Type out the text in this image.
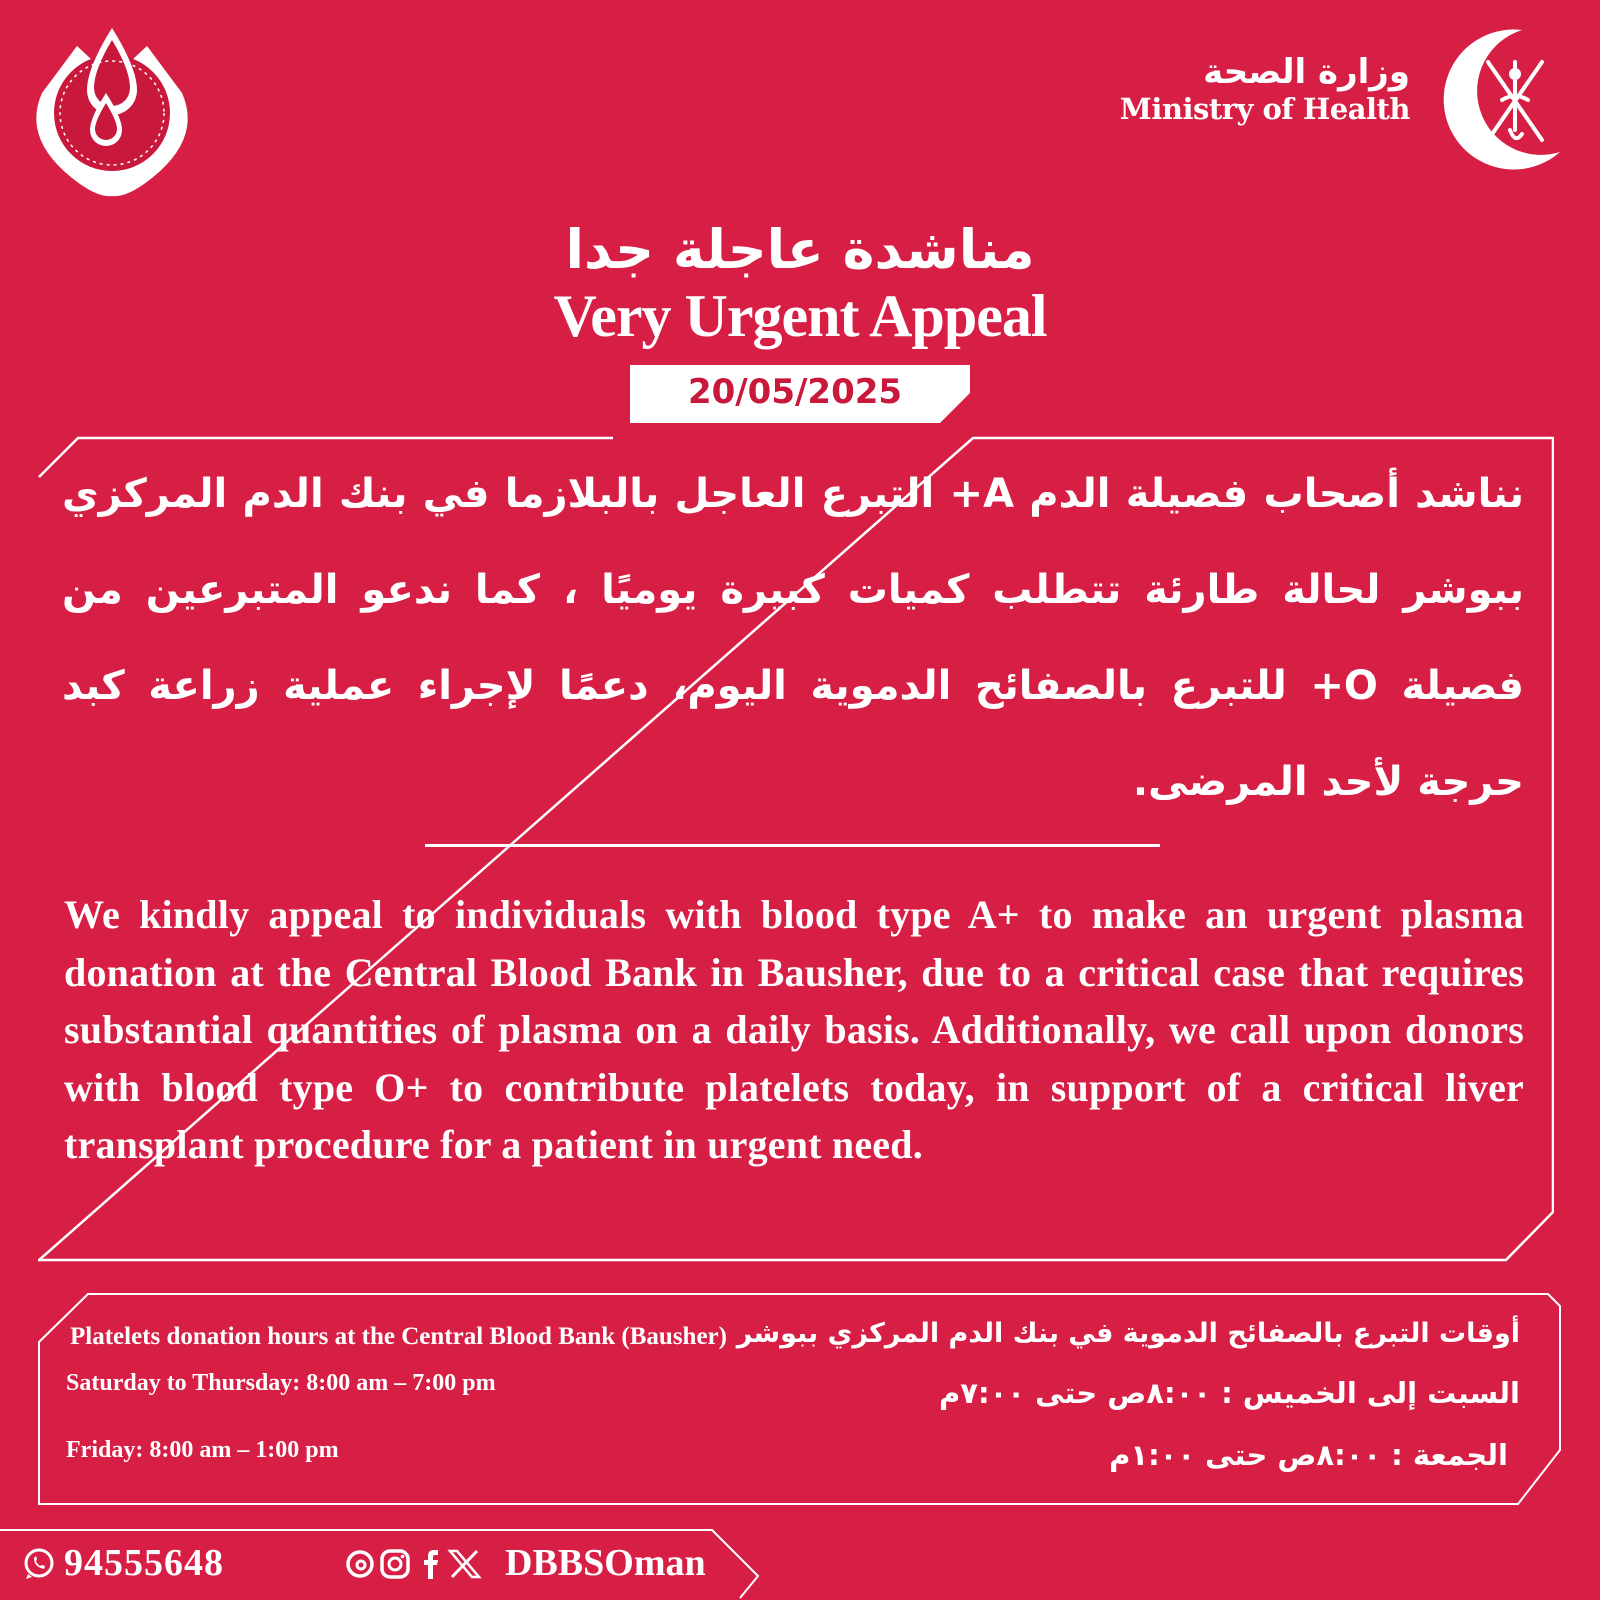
وزارة الصحة
Ministry of Health
مناشدة عاجلة جدا
Very Urgent Appeal
20/05/2025
نناشد أصحاب فصيلة الدم A+ التبرع العاجل بالبلازما في بنك الدم المركزي ببوشر لحالة طارئة تتطلب كميات كبيرة يوميًا ، كما ندعو المتبرعين من فصيلة O+ للتبرع بالصفائح الدموية اليوم، دعمًا لإجراء عملية زراعة كبد حرجة لأحد المرضى.
We kindly appeal to individuals with blood type A+ to make an urgent plasma donation at the Central Blood Bank in Bausher, due to a critical case that requires substantial quantities of plasma on a daily basis. Additionally, we call upon donors with blood type O+ to contribute platelets today, in support of a critical liver transplant procedure for a patient in urgent need.
Platelets donation hours at the Central Blood Bank (Bausher)
Saturday to Thursday: 8:00 am – 7:00 pm
Friday: 8:00 am – 1:00 pm
أوقات التبرع بالصفائح الدموية في بنك الدم المركزي ببوشر
السبت إلى الخميس : ٨:٠٠ص حتى ٧:٠٠م
الجمعة : ٨:٠٠ص حتى ١:٠٠م
94555648	DBBSOman
